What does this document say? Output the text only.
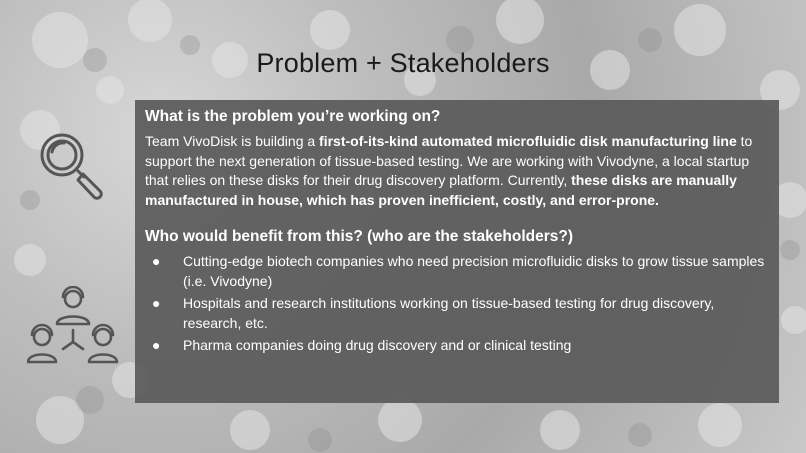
Problem + Stakeholders

What is the problem you’re working on?

Team VivoDisk is building a first-of-its-kind automated microfluidic disk manufacturing line to support the next generation of tissue-based testing. We are working with Vivodyne, a local startup that relies on these disks for their drug discovery platform. Currently, these disks are manually manufactured in house, which has proven inefficient, costly, and error-prone.

Who would benefit from this? (who are the stakeholders?)

● Cutting-edge biotech companies who need precision microfluidic disks to grow tissue samples (i.e. Vivodyne)
● Hospitals and research institutions working on tissue-based testing for drug discovery, research, etc.
● Pharma companies doing drug discovery and or clinical testing
